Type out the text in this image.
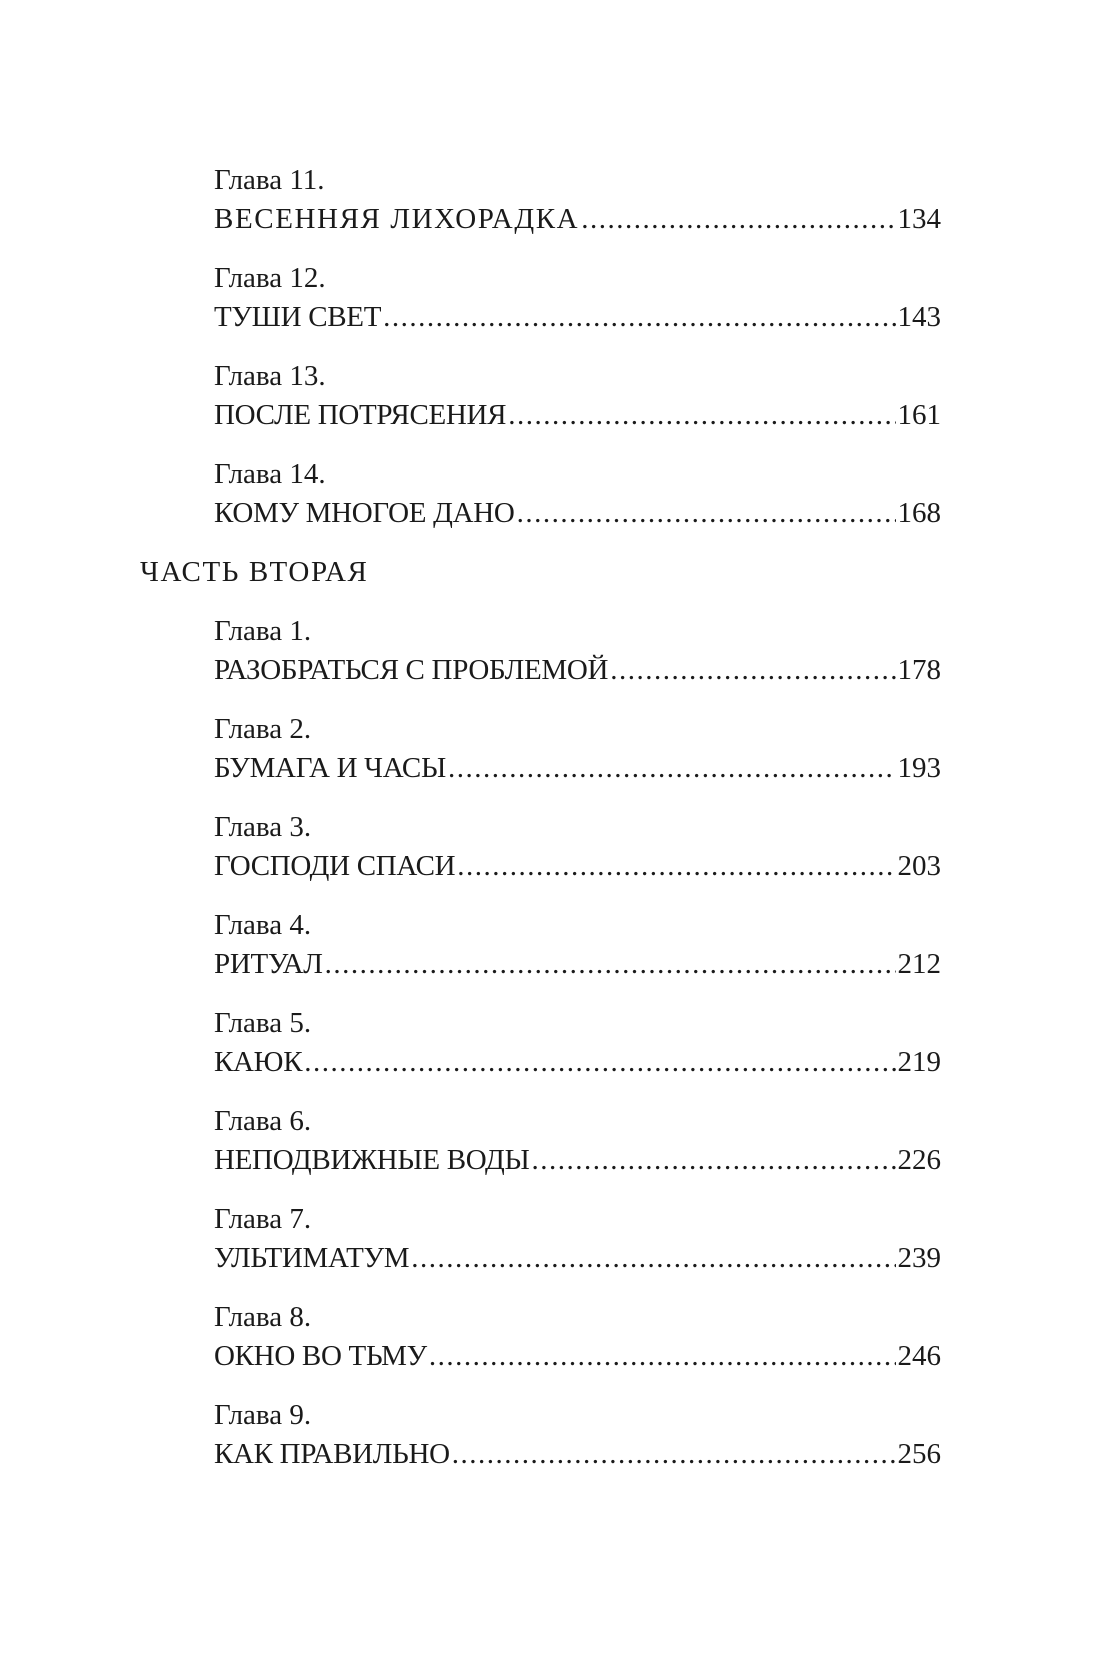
Глава 11.
ВЕСЕННЯЯ ЛИХОРАДКА .....	134
Глава 12.
ТУШИ СВЕТ .....	143
Глава 13.
ПОСЛЕ ПОТРЯСЕНИЯ .....	161
Глава 14.
КОМУ МНОГОЕ ДАНО .....	168
ЧАСТЬ ВТОРАЯ
Глава 1.
РАЗОБРАТЬСЯ С ПРОБЛЕМОЙ .....	178
Глава 2.
БУМАГА И ЧАСЫ .....	193
Глава 3.
ГОСПОДИ СПАСИ .....	203
Глава 4.
РИТУАЛ .....	212
Глава 5.
КАЮК .....	219
Глава 6.
НЕПОДВИЖНЫЕ ВОДЫ .....	226
Глава 7.
УЛЬТИМАТУМ .....	239
Глава 8.
ОКНО ВО ТЬМУ .....	246
Глава 9.
КАК ПРАВИЛЬНО .....	256
